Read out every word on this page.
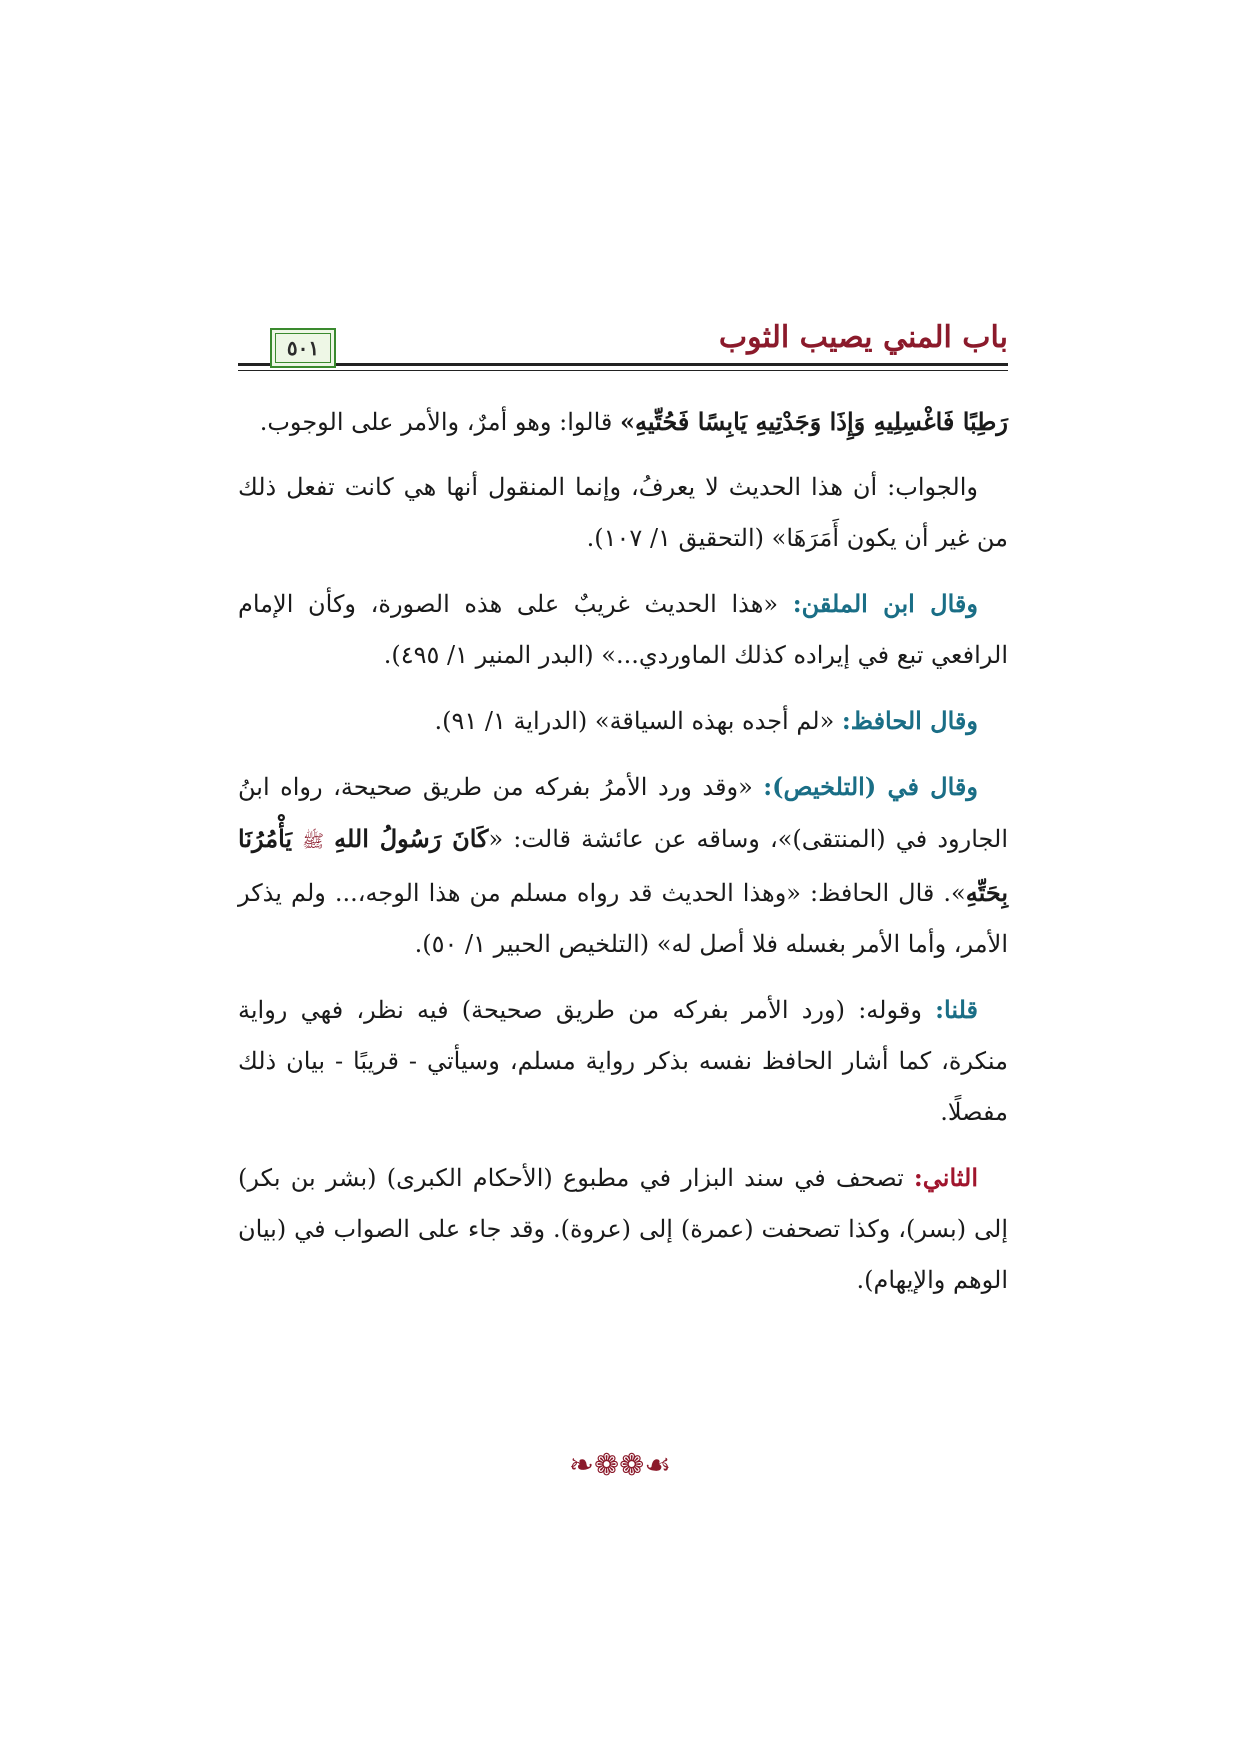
باب المني يصيب الثوب
٥٠١

رَطِبًا فَاغْسِلِيهِ وَإِذَا وَجَدْتِيهِ يَابِسًا فَحُتِّيهِ» قالوا: وهو أمرٌ، والأمر على الوجوب.

والجواب: أن هذا الحديث لا يعرفُ، وإنما المنقول أنها هي كانت تفعل ذلك من غير أن يكون أَمَرَهَا» (التحقيق ١/ ١٠٧).

وقال ابن الملقن: «هذا الحديث غريبٌ على هذه الصورة، وكأن الإمام الرافعي تبع في إيراده كذلك الماوردي...» (البدر المنير ١/ ٤٩٥).

وقال الحافظ: «لم أجده بهذه السياقة» (الدراية ١/ ٩١).

وقال في (التلخيص): «وقد ورد الأمرُ بفركه من طريق صحيحة، رواه ابنُ الجارود في (المنتقى)»، وساقه عن عائشة قالت: «كَانَ رَسُولُ اللهِ ﷺ يَأْمُرُنَا بِحَتِّهِ». قال الحافظ: «وهذا الحديث قد رواه مسلم من هذا الوجه،... ولم يذكر الأمر، وأما الأمر بغسله فلا أصل له» (التلخيص الحبير ١/ ٥٠).

قلنا: وقوله: (ورد الأمر بفركه من طريق صحيحة) فيه نظر، فهي رواية منكرة، كما أشار الحافظ نفسه بذكر رواية مسلم، وسيأتي - قريبًا - بيان ذلك مفصلًا.

الثاني: تصحف في سند البزار في مطبوع (الأحكام الكبرى) (بشر بن بكر) إلى (بسر)، وكذا تصحفت (عمرة) إلى (عروة). وقد جاء على الصواب في (بيان الوهم والإيهام).

❧❁❁☙
